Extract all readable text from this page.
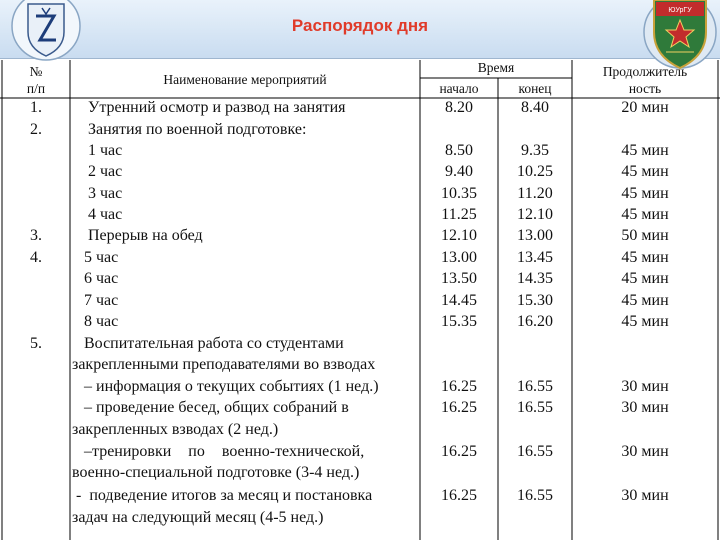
Распорядок дня
ЮУрГУ
№
п/п
Наименование мероприятий
Время
начало	конец
Продолжитель
ность
1.	Утренний осмотр и развод на занятия	8.20	8.40	20 мин
2.	Занятия по военной подготовке:
1 час	8.50	9.35	45 мин
2 час	9.40	10.25	45 мин
3 час	10.35	11.20	45 мин
4 час	11.25	12.10	45 мин
3.	Перерыв на обед	12.10	13.00	50 мин
4.	5 час	13.00	13.45	45 мин
6 час	13.50	14.35	45 мин
7 час	14.45	15.30	45 мин
8 час	15.35	16.20	45 мин
5.	Воспитательная работа со студентами
закрепленными преподавателями во взводах
– информация о текущих событиях (1 нед.)	16.25	16.55	30 мин
– проведение бесед, общих собраний в	16.25	16.55	30 мин
закрепленных взводах (2 нед.)
–тренировки по военно-технической,	16.25	16.55	30 мин
военно-специальной подготовке (3-4 нед.)
-  подведение итогов за месяц и постановка	16.25	16.55	30 мин
задач на следующий месяц (4-5 нед.)
